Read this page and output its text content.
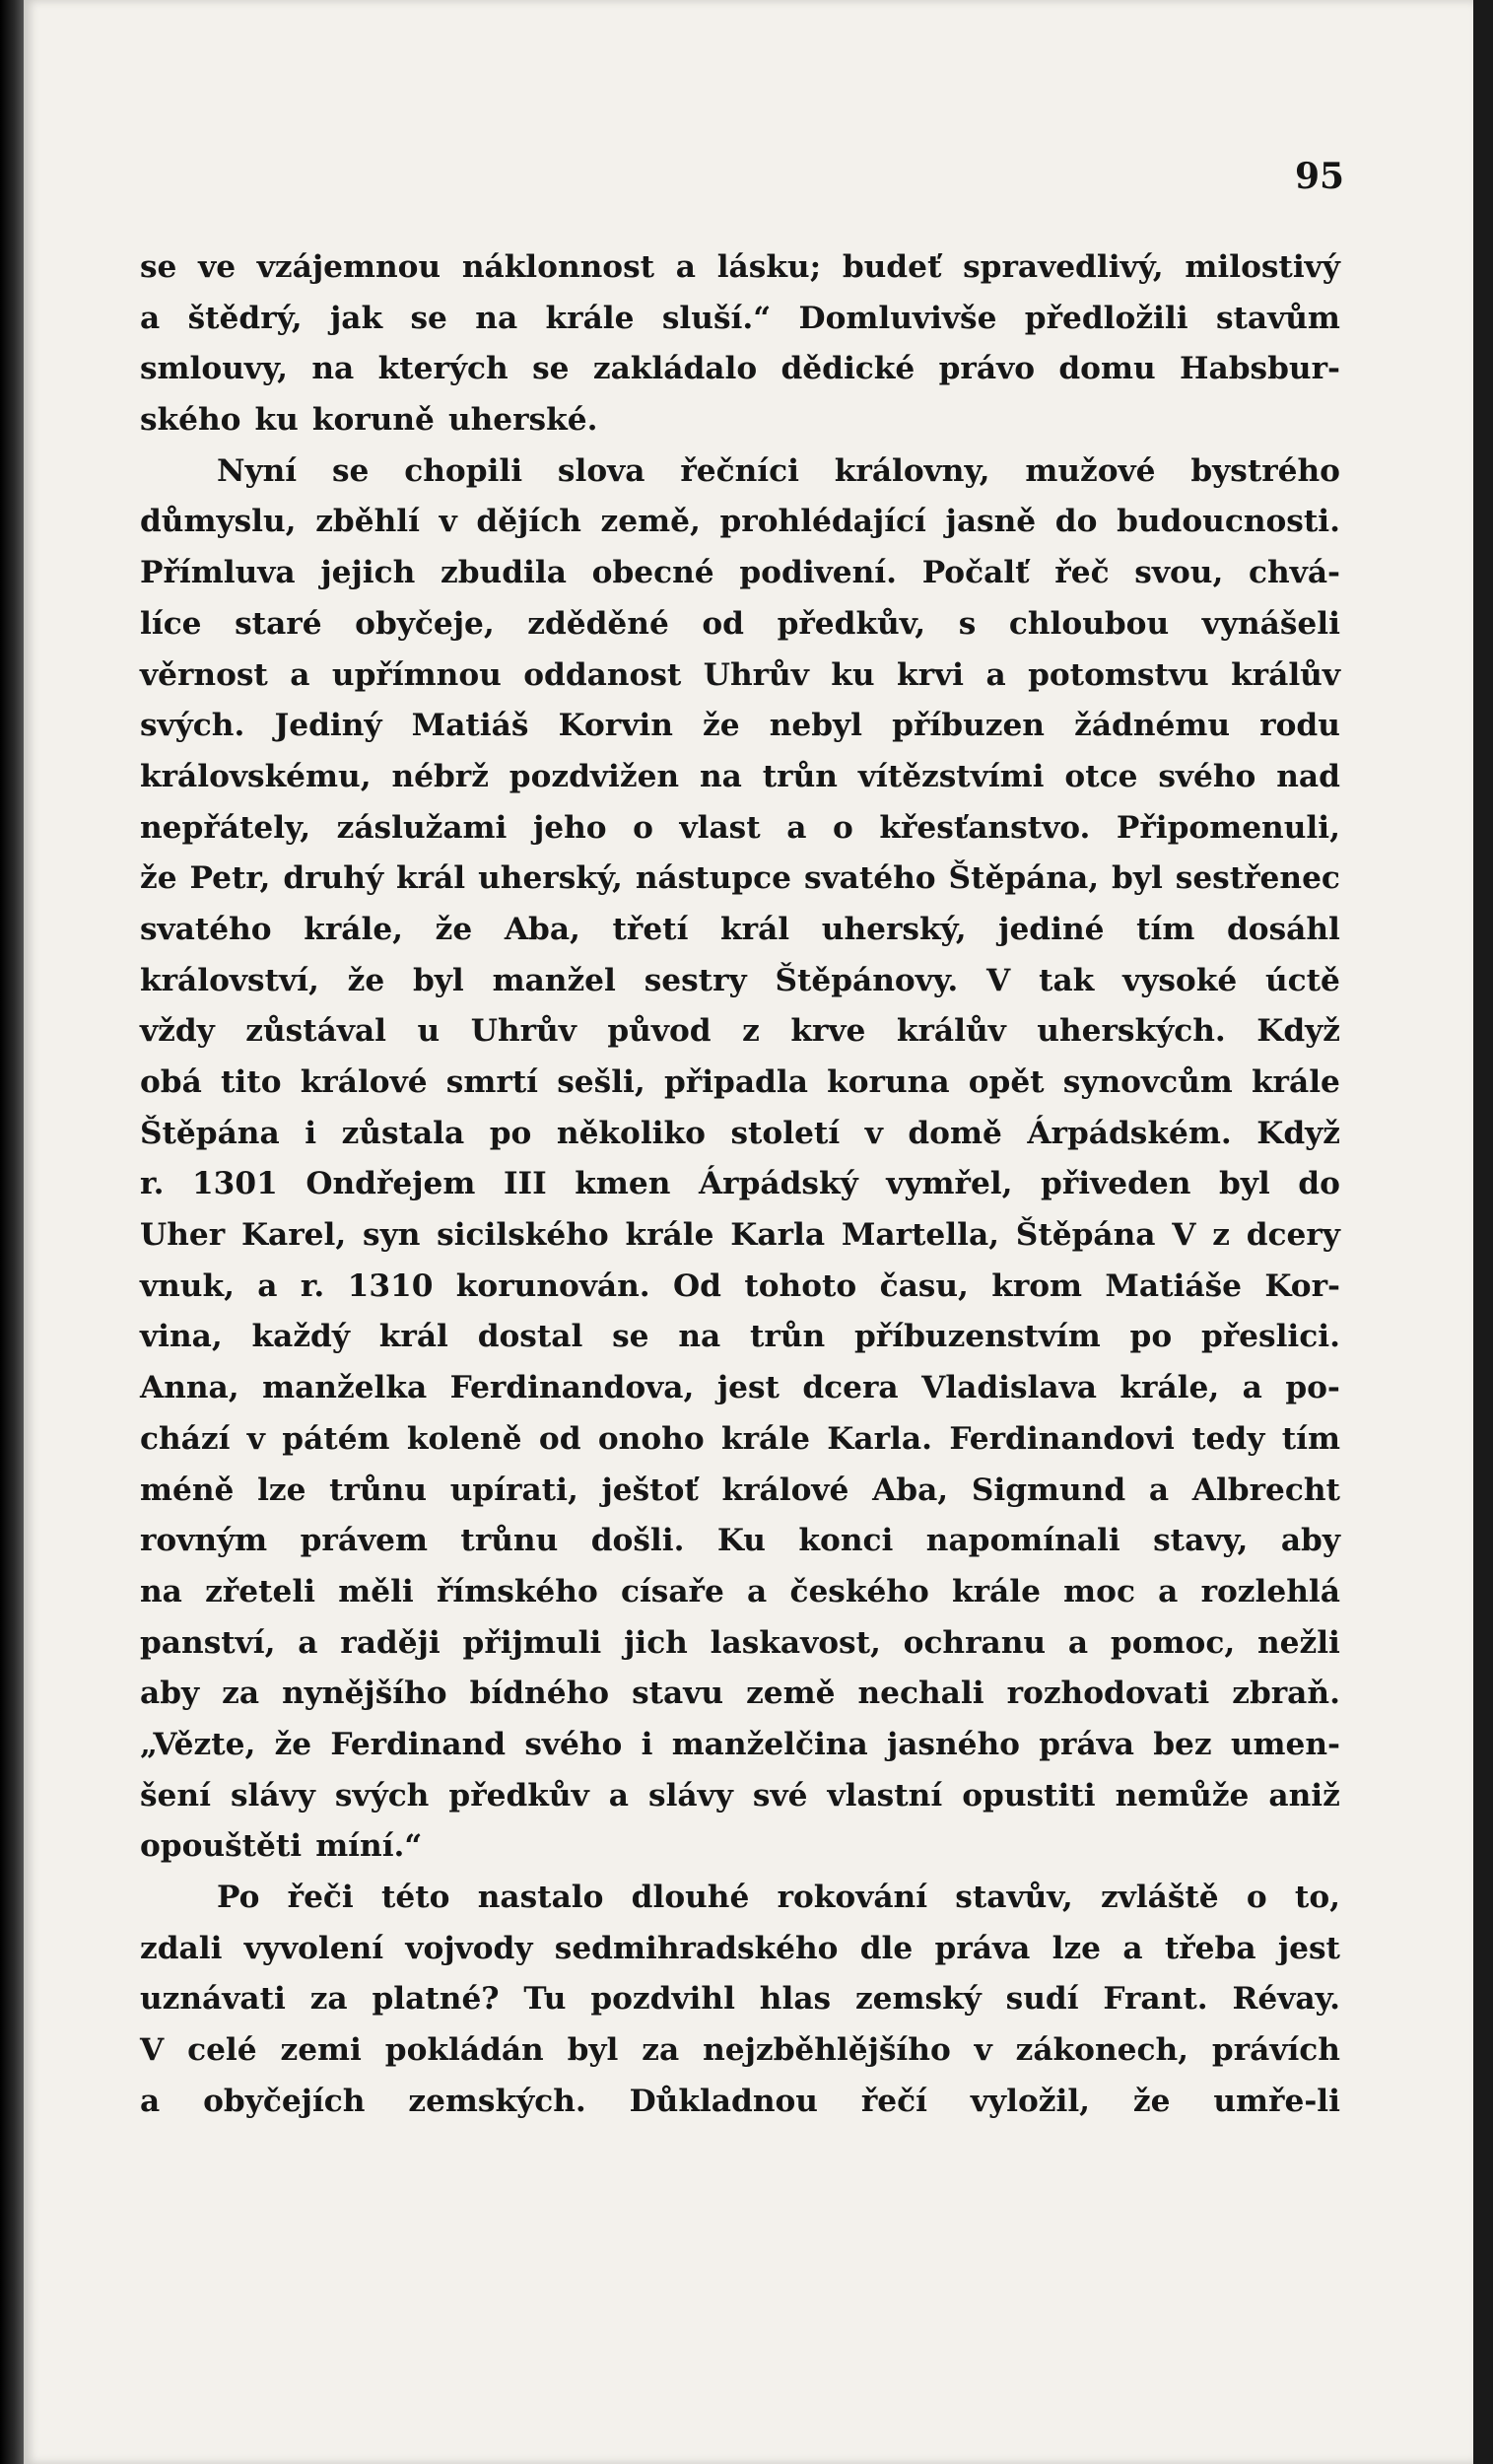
95
se ve vzájemnou náklonnost a lásku; budeť spravedlivý, milostivý
a štědrý, jak se na krále sluší.“ Domluvivše předložili stavům
smlouvy, na kterých se zakládalo dědické právo domu Habsbur-
ského ku koruně uherské.
Nyní se chopili slova řečníci královny, mužové bystrého
důmyslu, zběhlí v dějích země, prohlédající jasně do budoucnosti.
Přímluva jejich zbudila obecné podivení. Počalť řeč svou, chvá-
líce staré obyčeje, zděděné od předkův, s chloubou vynášeli
věrnost a upřímnou oddanost Uhrův ku krvi a potomstvu králův
svých. Jediný Matiáš Korvin že nebyl příbuzen žádnému rodu
královskému, nébrž pozdvižen na trůn vítězstvími otce svého nad
nepřátely, záslužami jeho o vlast a o křesťanstvo. Připomenuli,
že Petr, druhý král uherský, nástupce svatého Štěpána, byl sestřenec
svatého krále, že Aba, třetí král uherský, jediné tím dosáhl
království, že byl manžel sestry Štěpánovy. V tak vysoké úctě
vždy zůstával u Uhrův původ z krve králův uherských. Když
obá tito králové smrtí sešli, připadla koruna opět synovcům krále
Štěpána i zůstala po několiko století v domě Árpádském. Když
r. 1301 Ondřejem III kmen Árpádský vymřel, přiveden byl do
Uher Karel, syn sicilského krále Karla Martella, Štěpána V z dcery
vnuk, a r. 1310 korunován. Od tohoto času, krom Matiáše Kor-
vina, každý král dostal se na trůn příbuzenstvím po přeslici.
Anna, manželka Ferdinandova, jest dcera Vladislava krále, a po-
chází v pátém koleně od onoho krále Karla. Ferdinandovi tedy tím
méně lze trůnu upírati, ještoť králové Aba, Sigmund a Albrecht
rovným právem trůnu došli. Ku konci napomínali stavy, aby
na zřeteli měli římského císaře a českého krále moc a rozlehlá
panství, a raději přijmuli jich laskavost, ochranu a pomoc, nežli
aby za nynějšího bídného stavu země nechali rozhodovati zbraň.
„Vězte, že Ferdinand svého i manželčina jasného práva bez umen-
šení slávy svých předkův a slávy své vlastní opustiti nemůže aniž
opouštěti míní.“
Po řeči této nastalo dlouhé rokování stavův, zvláště o to,
zdali vyvolení vojvody sedmihradského dle práva lze a třeba jest
uznávati za platné? Tu pozdvihl hlas zemský sudí Frant. Révay.
V celé zemi pokládán byl za nejzběhlějšího v zákonech, právích
a obyčejích zemských. Důkladnou řečí vyložil, že umře-li
